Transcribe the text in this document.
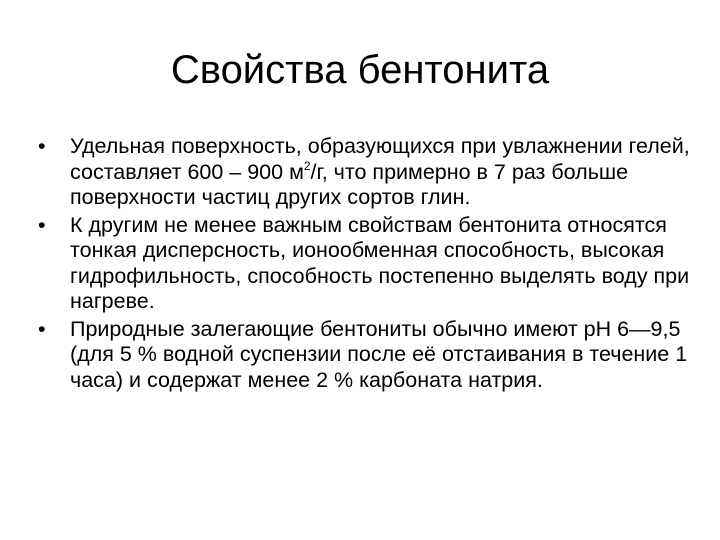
Свойства бентонита
• Удельная поверхность, образующихся при увлажнении гелей, составляет 600 – 900 $м^2/г$, что примерно в 7 раз больше поверхности частиц других сортов глин.
• К другим не менее важным свойствам бентонита относятся тонкая дисперсность, ионообменная способность, высокая гидрофильность, способность постепенно выделять воду при нагреве.
• Природные залегающие бентониты обычно имеют pH 6—9,5 (для 5 % водной суспензии после её отстаивания в течение 1 часа) и содержат менее 2 % карбоната натрия.
